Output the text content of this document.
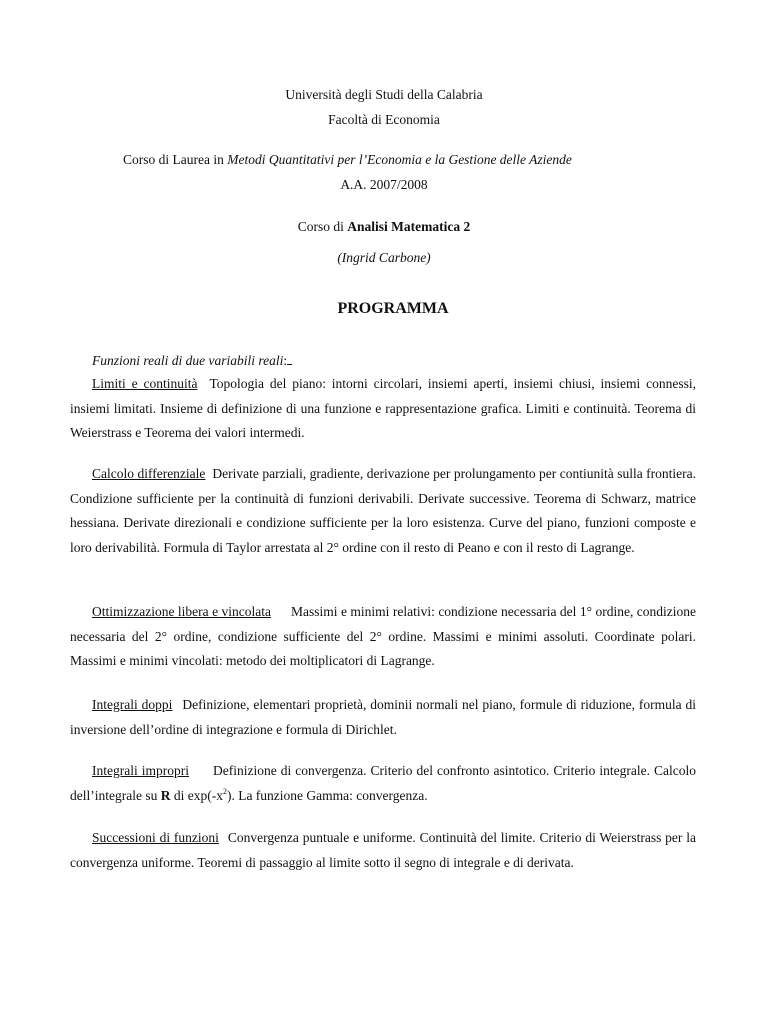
Università degli Studi della Calabria
Facoltà di Economia
Corso di Laurea in Metodi Quantitativi per l’Economia e la Gestione delle Aziende
A.A. 2007/2008
Corso di Analisi Matematica 2
(Ingrid Carbone)
PROGRAMMA
Funzioni reali di due variabili reali:
Limiti e continuità Topologia del piano: intorni circolari, insiemi aperti, insiemi chiusi, insiemi connessi, insiemi limitati. Insieme di definizione di una funzione e rappresentazione grafica. Limiti e continuità. Teorema di Weierstrass e Teorema dei valori intermedi.
Calcolo differenziale Derivate parziali, gradiente, derivazione per prolungamento per contiunità sulla frontiera. Condizione sufficiente per la continuità di funzioni derivabili. Derivate successive. Teorema di Schwarz, matrice hessiana. Derivate direzionali e condizione sufficiente per la loro esistenza. Curve del piano, funzioni composte e loro derivabilità. Formula di Taylor arrestata al 2° ordine con il resto di Peano e con il resto di Lagrange.
Ottimizzazione libera e vincolata Massimi e minimi relativi: condizione necessaria del 1° ordine, condizione necessaria del 2° ordine, condizione sufficiente del 2° ordine. Massimi e minimi assoluti. Coordinate polari. Massimi e minimi vincolati: metodo dei moltiplicatori di Lagrange.
Integrali doppi Definizione, elementari proprietà, dominii normali nel piano, formule di riduzione, formula di inversione dell’ordine di integrazione e formula di Dirichlet.
Integrali impropri Definizione di convergenza. Criterio del confronto asintotico. Criterio integrale. Calcolo dell’integrale su R di $\exp(-x^2)$. La funzione Gamma: convergenza.
Successioni di funzioni Convergenza puntuale e uniforme. Continuità del limite. Criterio di Weierstrass per la convergenza uniforme. Teoremi di passaggio al limite sotto il segno di integrale e di derivata.
